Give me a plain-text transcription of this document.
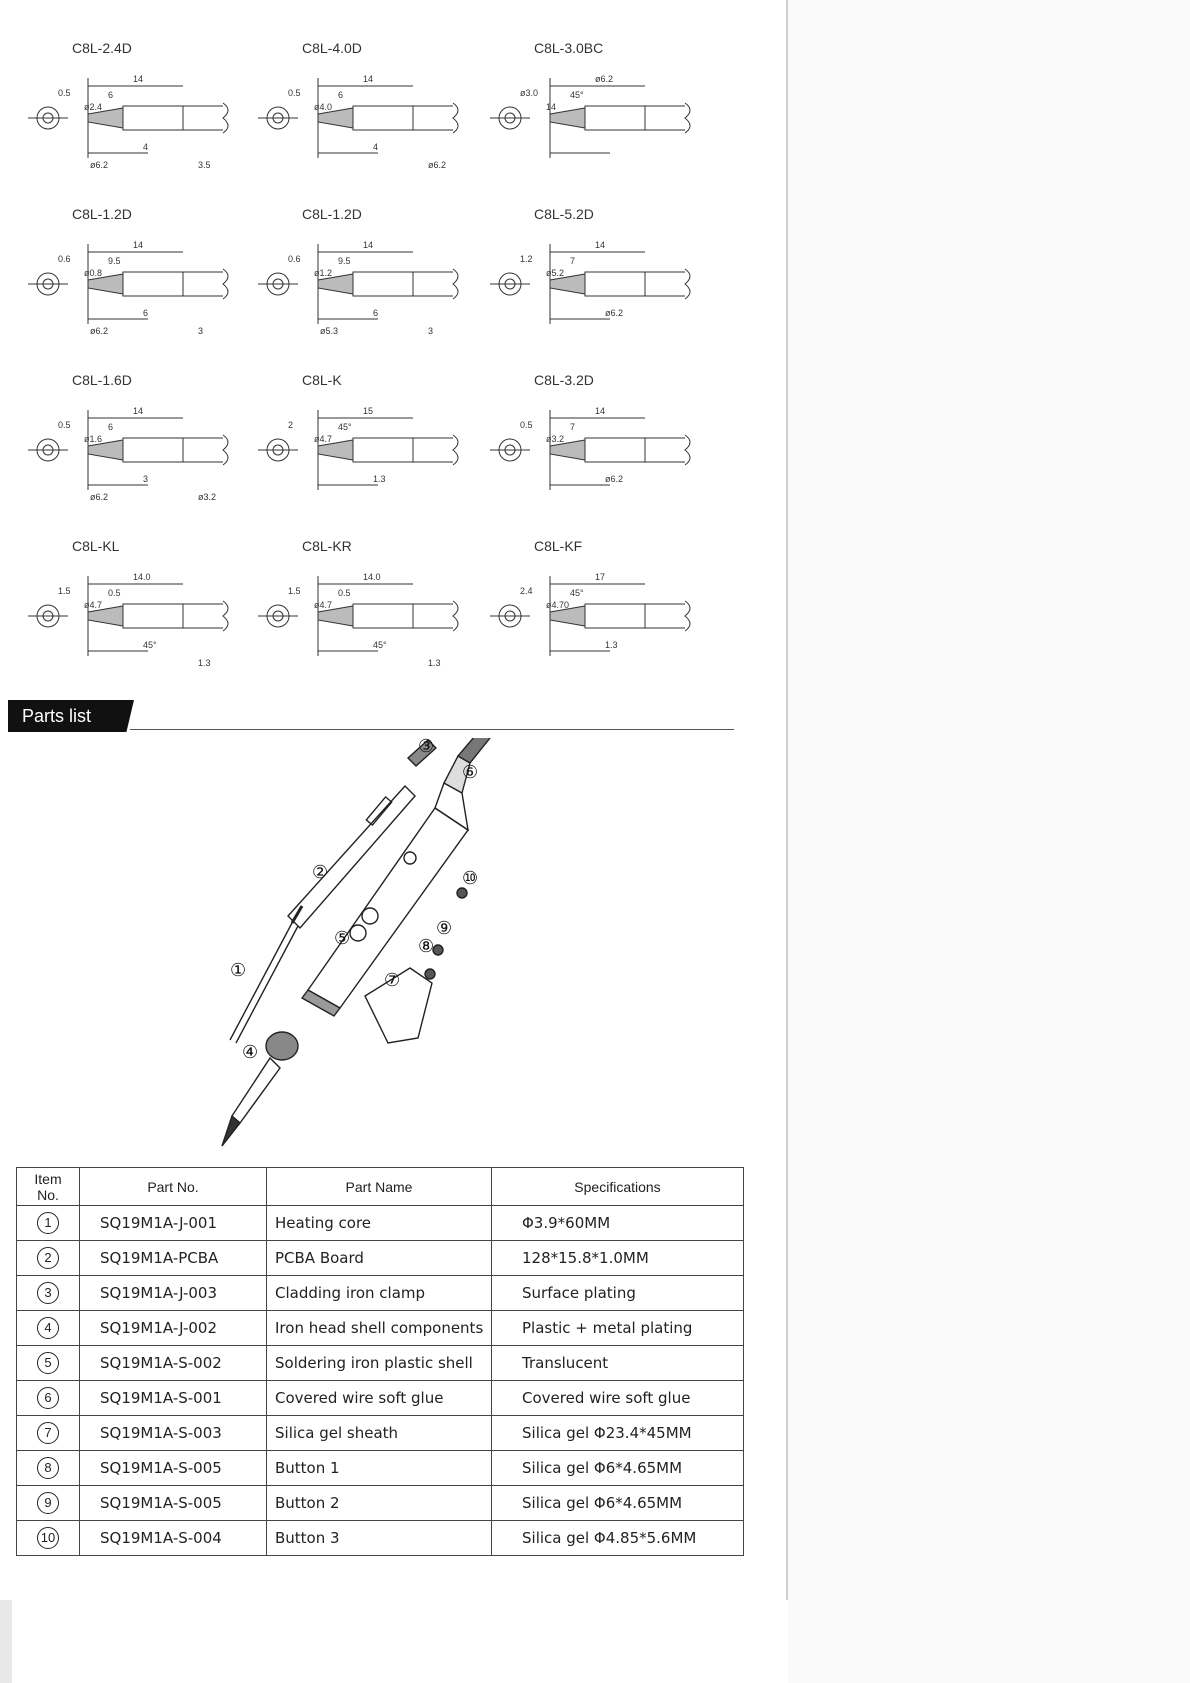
C8L-2.4D
0.5
ø2.4
14
6
4
3.5
ø6.2
C8L-4.0D
0.5
ø4.0
14
6
4
ø6.2
C8L-3.0BC
ø3.0
14
ø6.2
45°
C8L-1.2D
0.6
ø0.8
14
9.5
6
3
ø6.2
C8L-1.2D
0.6
ø1.2
14
9.5
6
3
ø5.3
C8L-5.2D
1.2
ø5.2
14
7
ø6.2
C8L-1.6D
0.5
ø1.6
14
6
3
ø3.2
ø6.2
C8L-K
2
ø4.7
15
45°
1.3
C8L-3.2D
0.5
ø3.2
14
7
ø6.2
C8L-KL
1.5
ø4.7
14.0
0.5
45°
1.3
C8L-KR
1.5
ø4.7
14.0
0.5
45°
1.3
C8L-KF
2.4
ø4.70
17
45°
1.3
Parts list
①
②
③
④
⑤
⑥
⑦
⑧
⑨
⑩
Item No.	Part No.	Part Name	Specifications
1	SQ19M1A-J-001	Heating core	Φ3.9*60MM
2	SQ19M1A-PCBA	PCBA Board	128*15.8*1.0MM
3	SQ19M1A-J-003	Cladding iron clamp	Surface plating
4	SQ19M1A-J-002	Iron head shell components	Plastic + metal plating
5	SQ19M1A-S-002	Soldering iron plastic shell	Translucent
6	SQ19M1A-S-001	Covered wire soft glue	Covered wire soft glue
7	SQ19M1A-S-003	Silica gel sheath	Silica gel Φ23.4*45MM
8	SQ19M1A-S-005	Button 1	Silica gel Φ6*4.65MM
9	SQ19M1A-S-005	Button 2	Silica gel Φ6*4.65MM
10	SQ19M1A-S-004	Button 3	Silica gel Φ4.85*5.6MM
